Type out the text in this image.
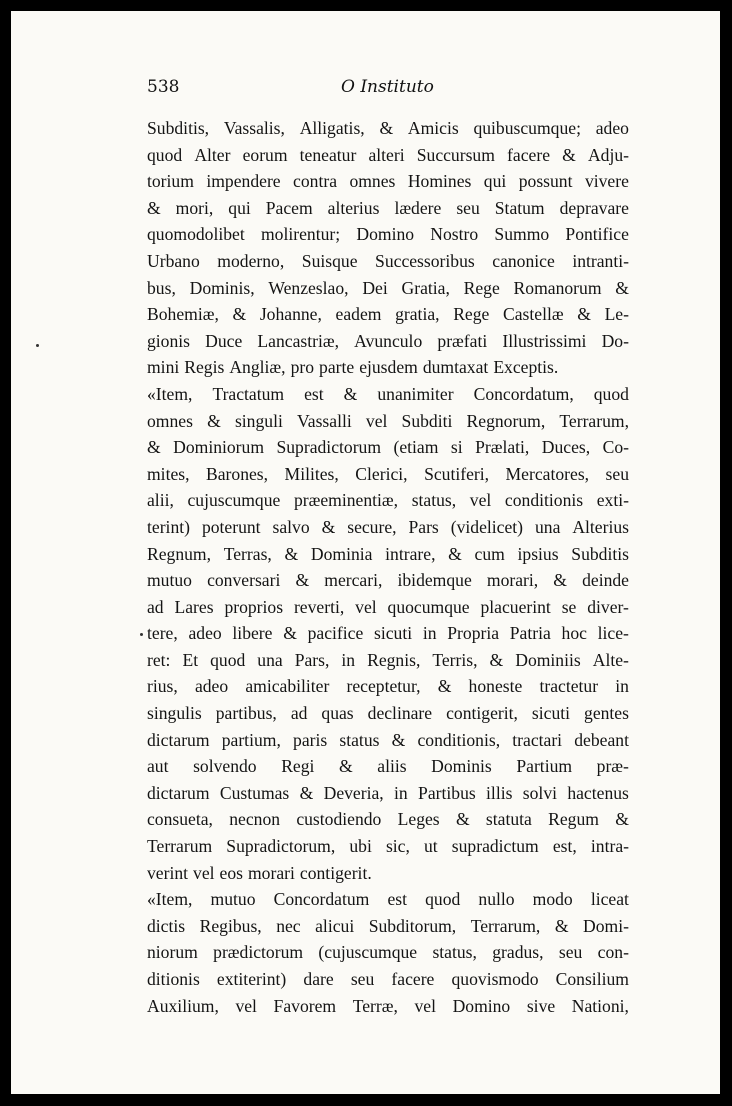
538	O Instituto
Subditis, Vassalis, Alligatis, & Amicis quibuscumque; adeo
quod Alter eorum teneatur alteri Succursum facere & Adju-
torium impendere contra omnes Homines qui possunt vivere
& mori, qui Pacem alterius lædere seu Statum depravare
quomodolibet molirentur; Domino Nostro Summo Pontifice
Urbano moderno, Suisque Successoribus canonice intranti-
bus, Dominis, Wenzeslao, Dei Gratia, Rege Romanorum &
Bohemiæ, & Johanne, eadem gratia, Rege Castellæ & Le-
gionis Duce Lancastriæ, Avunculo præfati Illustrissimi Do-
mini Regis Angliæ, pro parte ejusdem dumtaxat Exceptis.
«Item, Tractatum est & unanimiter Concordatum, quod
omnes & singuli Vassalli vel Subditi Regnorum, Terrarum,
& Dominiorum Supradictorum (etiam si Prælati, Duces, Co-
mites, Barones, Milites, Clerici, Scutiferi, Mercatores, seu
alii, cujuscumque præeminentiæ, status, vel conditionis exti-
terint) poterunt salvo & secure, Pars (videlicet) una Alterius
Regnum, Terras, & Dominia intrare, & cum ipsius Subditis
mutuo conversari & mercari, ibidemque morari, & deinde
ad Lares proprios reverti, vel quocumque placuerint se diver-
tere, adeo libere & pacifice sicuti in Propria Patria hoc lice-
ret: Et quod una Pars, in Regnis, Terris, & Dominiis Alte-
rius, adeo amicabiliter receptetur, & honeste tractetur in
singulis partibus, ad quas declinare contigerit, sicuti gentes
dictarum partium, paris status & conditionis, tractari debeant
aut solvendo Regi & aliis Dominis Partium præ-
dictarum Custumas & Deveria, in Partibus illis solvi hactenus
consueta, necnon custodiendo Leges & statuta Regum &
Terrarum Supradictorum, ubi sic, ut supradictum est, intra-
verint vel eos morari contigerit.
«Item, mutuo Concordatum est quod nullo modo liceat
dictis Regibus, nec alicui Subditorum, Terrarum, & Domi-
niorum prædictorum (cujuscumque status, gradus, seu con-
ditionis extiterint) dare seu facere quovismodo Consilium
Auxilium, vel Favorem Terræ, vel Domino sive Nationi,
